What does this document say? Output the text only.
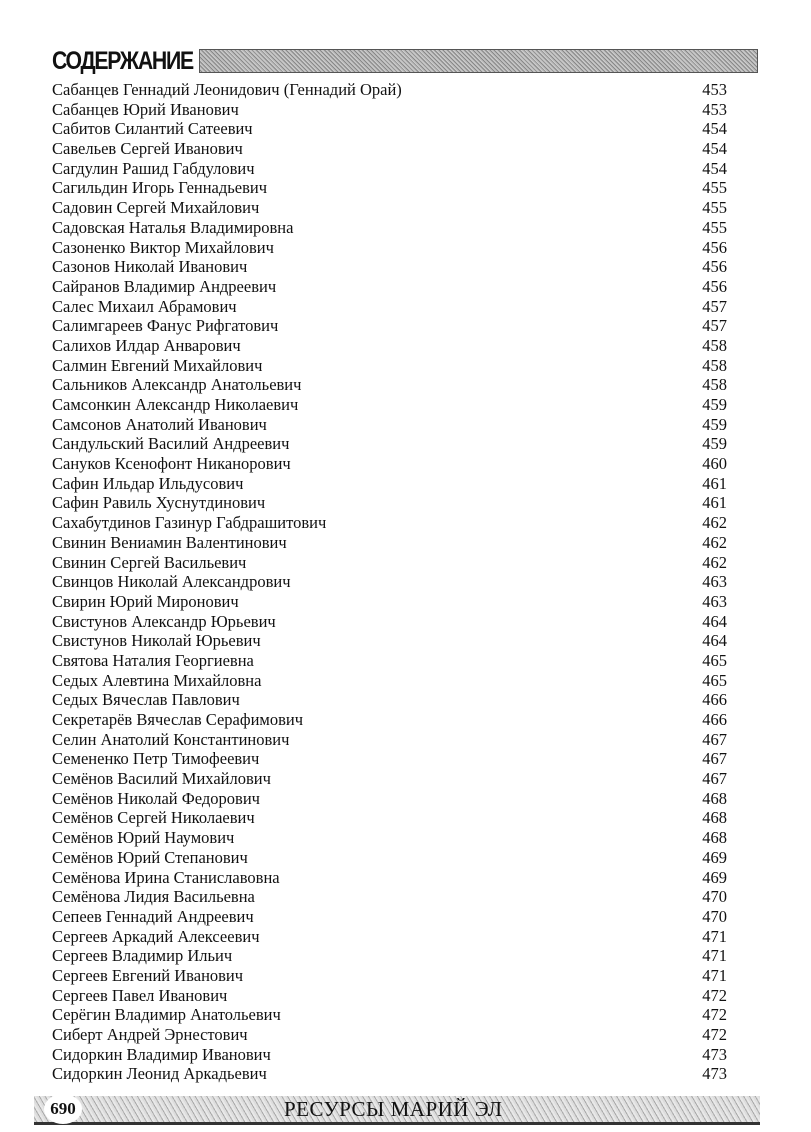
СОДЕРЖАНИЕ
Сабанцев Геннадий Леонидович (Геннадий Орай)	453
Сабанцев Юрий Иванович	453
Сабитов Силантий Сатеевич	454
Савельев Сергей Иванович	454
Сагдулин Рашид Габдулович	454
Сагильдин Игорь Геннадьевич	455
Садовин Сергей Михайлович	455
Садовская Наталья Владимировна	455
Сазоненко Виктор Михайлович	456
Сазонов Николай Иванович	456
Сайранов Владимир Андреевич	456
Салес Михаил Абрамович	457
Салимгареев Фанус Рифгатович	457
Салихов Илдар Анварович	458
Салмин Евгений Михайлович	458
Сальников Александр Анатольевич	458
Самсонкин Александр Николаевич	459
Самсонов Анатолий Иванович	459
Сандульский Василий Андреевич	459
Сануков Ксенофонт Никанорович	460
Сафин Ильдар Ильдусович	461
Сафин Равиль Хуснутдинович	461
Сахабутдинов Газинур Габдрашитович	462
Свинин Вениамин Валентинович	462
Свинин Сергей Васильевич	462
Свинцов Николай Александрович	463
Свирин Юрий Миронович	463
Свистунов Александр Юрьевич	464
Свистунов Николай Юрьевич	464
Святова Наталия Георгиевна	465
Седых Алевтина Михайловна	465
Седых Вячеслав Павлович	466
Секретарёв Вячеслав Серафимович	466
Селин Анатолий Константинович	467
Семененко Петр Тимофеевич	467
Семёнов Василий Михайлович	467
Семёнов Николай Федорович	468
Семёнов Сергей Николаевич	468
Семёнов Юрий Наумович	468
Семёнов Юрий Степанович	469
Семёнова Ирина Станиславовна	469
Семёнова Лидия Васильевна	470
Сепеев Геннадий Андреевич	470
Сергеев Аркадий Алексеевич	471
Сергеев Владимир Ильич	471
Сергеев Евгений Иванович	471
Сергеев Павел Иванович	472
Серёгин Владимир Анатольевич	472
Сиберт Андрей Эрнестович	472
Сидоркин Владимир Иванович	473
Сидоркин Леонид Аркадьевич	473
690	РЕСУРСЫ МАРИЙ ЭЛ
